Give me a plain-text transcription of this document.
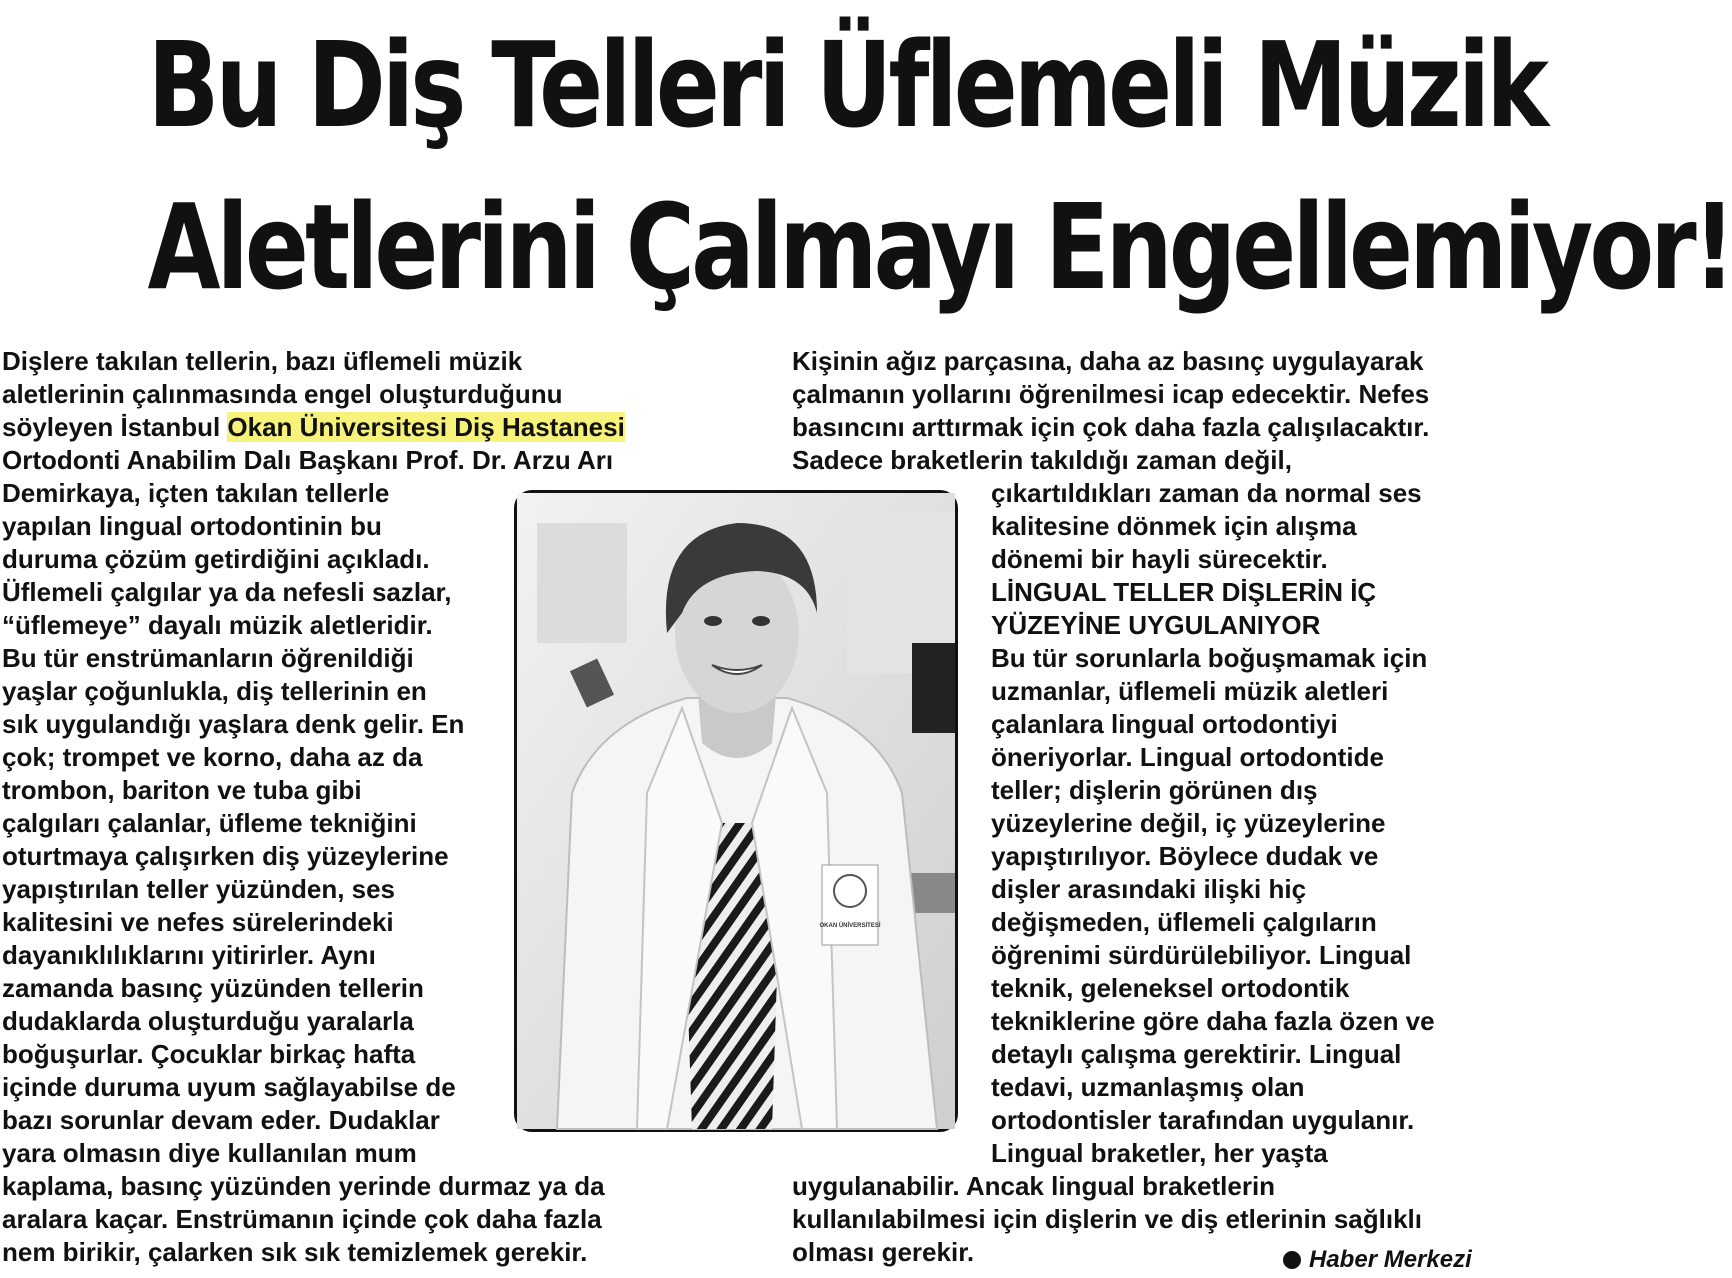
Bu Diş Telleri Üflemeli Müzik
Aletlerini Çalmayı Engellemiyor!
Dişlere takılan tellerin, bazı üflemeli müzik
aletlerinin çalınmasında engel oluşturduğunu
söyleyen İstanbul Okan Üniversitesi Diş Hastanesi
Ortodonti Anabilim Dalı Başkanı Prof. Dr. Arzu Arı
Demirkaya, içten takılan tellerle
yapılan lingual ortodontinin bu
duruma çözüm getirdiğini açıkladı.
Üflemeli çalgılar ya da nefesli sazlar,
“üflemeye” dayalı müzik aletleridir.
Bu tür enstrümanların öğrenildiği
yaşlar çoğunlukla, diş tellerinin en
sık uygulandığı yaşlara denk gelir. En
çok; trompet ve korno, daha az da
trombon, bariton ve tuba gibi
çalgıları çalanlar, üfleme tekniğini
oturtmaya çalışırken diş yüzeylerine
yapıştırılan teller yüzünden, ses
kalitesini ve nefes sürelerindeki
dayanıklılıklarını yitirirler. Aynı
zamanda basınç yüzünden tellerin
dudaklarda oluşturduğu yaralarla
boğuşurlar. Çocuklar birkaç hafta
içinde duruma uyum sağlayabilse de
bazı sorunlar devam eder. Dudaklar
yara olmasın diye kullanılan mum
kaplama, basınç yüzünden yerinde durmaz ya da
aralara kaçar. Enstrümanın içinde çok daha fazla
nem birikir, çalarken sık sık temizlemek gerekir.
Kişinin ağız parçasına, daha az basınç uygulayarak
çalmanın yollarını öğrenilmesi icap edecektir. Nefes
basıncını arttırmak için çok daha fazla çalışılacaktır.
Sadece braketlerin takıldığı zaman değil,
çıkartıldıkları zaman da normal ses
kalitesine dönmek için alışma
dönemi bir hayli sürecektir.
LİNGUAL TELLER DİŞLERİN İÇ
YÜZEYİNE UYGULANIYOR
Bu tür sorunlarla boğuşmamak için
uzmanlar, üflemeli müzik aletleri
çalanlara lingual ortodontiyi
öneriyorlar. Lingual ortodontide
teller; dişlerin görünen dış
yüzeylerine değil, iç yüzeylerine
yapıştırılıyor. Böylece dudak ve
dişler arasındaki ilişki hiç
değişmeden, üflemeli çalgıların
öğrenimi sürdürülebiliyor. Lingual
teknik, geleneksel ortodontik
tekniklerine göre daha fazla özen ve
detaylı çalışma gerektirir. Lingual
tedavi, uzmanlaşmış olan
ortodontisler tarafından uygulanır.
Lingual braketler, her yaşta
uygulanabilir. Ancak lingual braketlerin
kullanılabilmesi için dişlerin ve diş etlerinin sağlıklı
olması gerekir.
OKAN ÜNİVERSİTESİ
Haber Merkezi
